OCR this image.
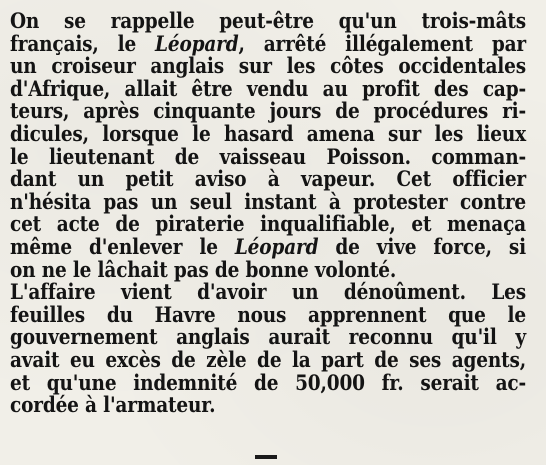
On se rappelle peut-être qu'un trois-mâts
français, le Léopard, arrêté illégalement par
un croiseur anglais sur les côtes occidentales
d'Afrique, allait être vendu au profit des cap-
teurs, après cinquante jours de procédures ri-
dicules, lorsque le hasard amena sur les lieux
le lieutenant de vaisseau Poisson. comman-
dant un petit aviso à vapeur. Cet officier
n'hésita pas un seul instant à protester contre
cet acte de piraterie inqualifiable, et menaça
même d'enlever le Léopard de vive force, si
on ne le lâchait pas de bonne volonté.
L'affaire vient d'avoir un dénoûment. Les
feuilles du Havre nous apprennent que le
gouvernement anglais aurait reconnu qu'il y
avait eu excès de zèle de la part de ses agents,
et qu'une indemnité de 50,000 fr. serait ac-
cordée à l'armateur.
